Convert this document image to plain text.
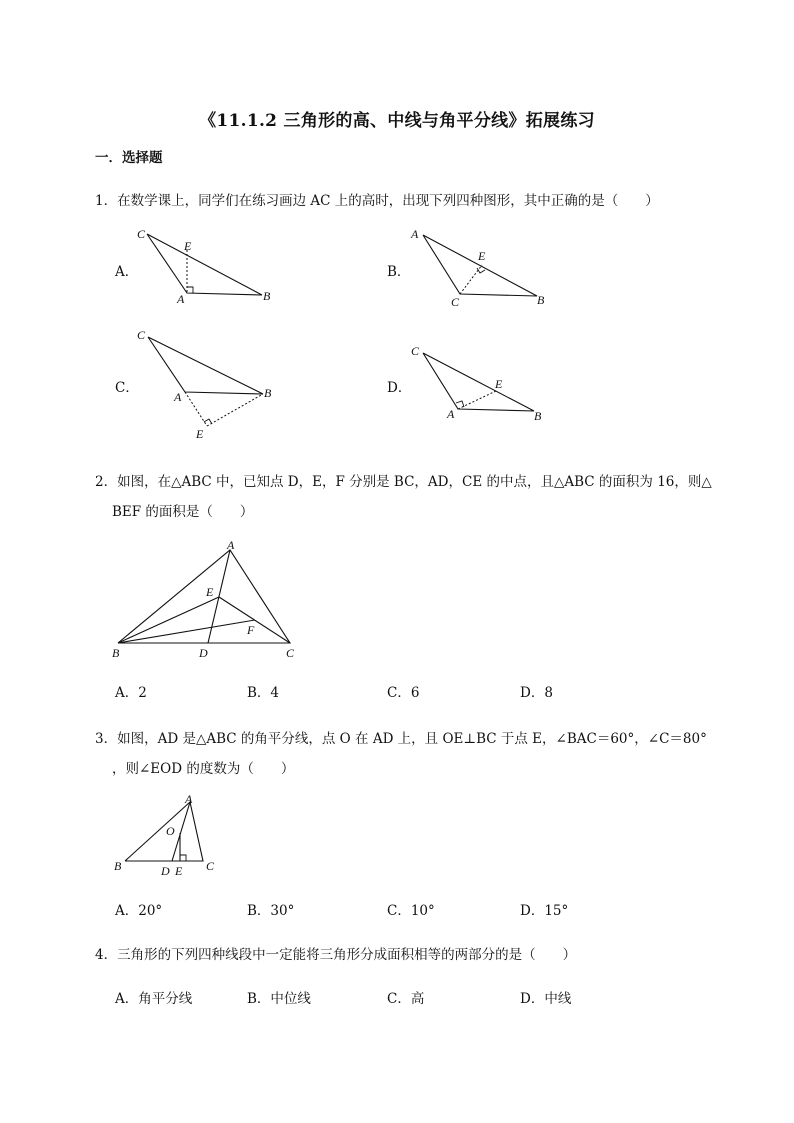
《11.1.2 三角形的高、中线与角平分线》拓展练习
一．选择题
1．在数学课上，同学们在练习画边 AC 上的高时，出现下列四种图形，其中正确的是（　　）
A．
C
E
A	B
B．
A
E
C	B
C．
C
A	B
E
D．
C
E
A	B
2．如图，在△ABC 中，已知点 D，E，F 分别是 BC，AD，CE 的中点，且△ABC 的面积为 16，则△
BEF 的面积是（　　）
A
E
F
B	D	C
A．2	B．4	C．6	D．8
3．如图，AD 是△ABC 的角平分线，点 O 在 AD 上，且 OE⊥BC 于点 E，∠BAC＝60°，∠C＝80°
，则∠EOD 的度数为（　　）
A
O
B	D E C
A．20°	B．30°	C．10°	D．15°
4．三角形的下列四种线段中一定能将三角形分成面积相等的两部分的是（　　）
A．角平分线	B．中位线	C．高	D．中线
